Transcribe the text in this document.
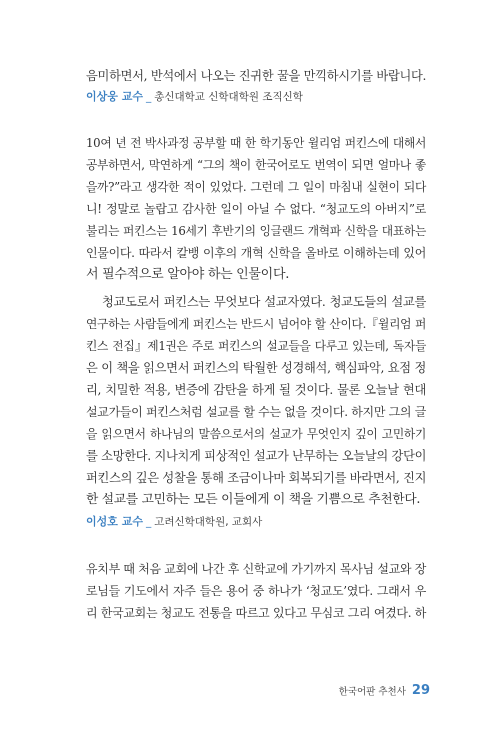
음미하면서, 반석에서 나오는 진귀한 꿀을 만끽하시기를 바랍니다.
이상웅 교수 _ 총신대학교 신학대학원 조직신학
10여 년 전 박사과정 공부할 때 한 학기동안 윌리엄 퍼킨스에 대해서
공부하면서, 막연하게 “그의 책이 한국어로도 번역이 되면 얼마나 좋
을까?”라고 생각한 적이 있었다. 그런데 그 일이 마침내 실현이 되다
니! 정말로 놀랍고 감사한 일이 아닐 수 없다. “청교도의 아버지”로
불리는 퍼킨스는 16세기 후반기의 잉글랜드 개혁파 신학을 대표하는
인물이다. 따라서 칼뱅 이후의 개혁 신학을 올바로 이해하는데 있어
서 필수적으로 알아야 하는 인물이다.
청교도로서 퍼킨스는 무엇보다 설교자였다. 청교도들의 설교를
연구하는 사람들에게 퍼킨스는 반드시 넘어야 할 산이다.『윌리엄 퍼
킨스 전집』제1권은 주로 퍼킨스의 설교들을 다루고 있는데, 독자들
은 이 책을 읽으면서 퍼킨스의 탁월한 성경해석, 핵심파악, 요점 정
리, 치밀한 적용, 변증에 감탄을 하게 될 것이다. 물론 오늘날 현대
설교가들이 퍼킨스처럼 설교를 할 수는 없을 것이다. 하지만 그의 글
을 읽으면서 하나님의 말씀으로서의 설교가 무엇인지 깊이 고민하기
를 소망한다. 지나치게 피상적인 설교가 난무하는 오늘날의 강단이
퍼킨스의 깊은 성찰을 통해 조금이나마 회복되기를 바라면서, 진지
한 설교를 고민하는 모든 이들에게 이 책을 기쁨으로 추천한다.
이성호 교수 _ 고려신학대학원, 교회사
유치부 때 처음 교회에 나간 후 신학교에 가기까지 목사님 설교와 장
로님들 기도에서 자주 들은 용어 중 하나가 ‘청교도’였다. 그래서 우
리 한국교회는 청교도 전통을 따르고 있다고 무심코 그리 여겼다. 하
한국어판 추천사 29
